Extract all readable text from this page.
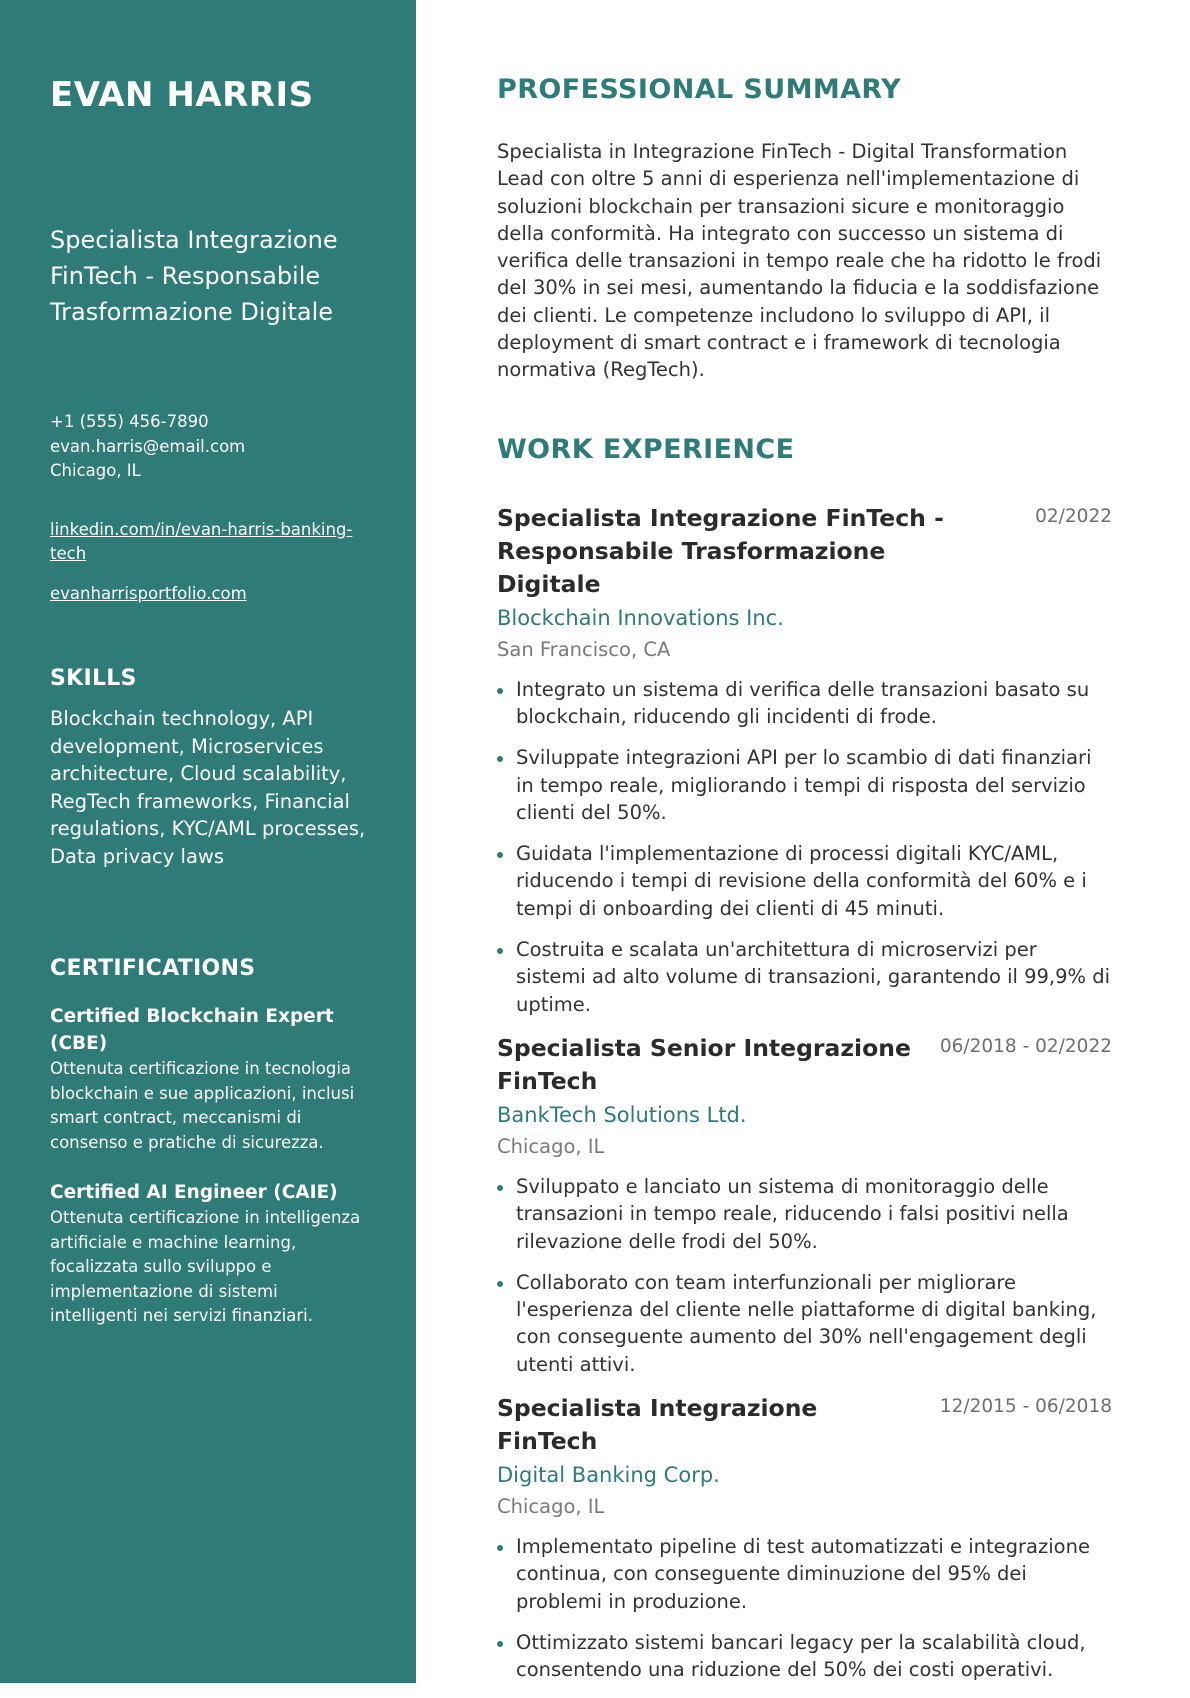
EVAN HARRIS
Specialista Integrazione FinTech - Responsabile Trasformazione Digitale
+1 (555) 456-7890
evan.harris@email.com
Chicago, IL
linkedin.com/in/evan-harris-banking-tech
evanharrisportfolio.com
SKILLS
Blockchain technology, API development, Microservices architecture, Cloud scalability, RegTech frameworks, Financial regulations, KYC/AML processes, Data privacy laws
CERTIFICATIONS
Certified Blockchain Expert (CBE)
Ottenuta certificazione in tecnologia blockchain e sue applicazioni, inclusi smart contract, meccanismi di consenso e pratiche di sicurezza.
Certified AI Engineer (CAIE)
Ottenuta certificazione in intelligenza artificiale e machine learning, focalizzata sullo sviluppo e implementazione di sistemi intelligenti nei servizi finanziari.
PROFESSIONAL SUMMARY
Specialista in Integrazione FinTech - Digital Transformation Lead con oltre 5 anni di esperienza nell'implementazione di soluzioni blockchain per transazioni sicure e monitoraggio della conformità. Ha integrato con successo un sistema di verifica delle transazioni in tempo reale che ha ridotto le frodi del 30% in sei mesi, aumentando la fiducia e la soddisfazione dei clienti. Le competenze includono lo sviluppo di API, il deployment di smart contract e i framework di tecnologia normativa (RegTech).
WORK EXPERIENCE
Specialista Integrazione FinTech - Responsabile Trasformazione Digitale
02/2022
Blockchain Innovations Inc.
San Francisco, CA
Integrato un sistema di verifica delle transazioni basato su blockchain, riducendo gli incidenti di frode.
Sviluppate integrazioni API per lo scambio di dati finanziari in tempo reale, migliorando i tempi di risposta del servizio clienti del 50%.
Guidata l'implementazione di processi digitali KYC/AML, riducendo i tempi di revisione della conformità del 60% e i tempi di onboarding dei clienti di 45 minuti.
Costruita e scalata un'architettura di microservizi per sistemi ad alto volume di transazioni, garantendo il 99,9% di uptime.
Specialista Senior Integrazione FinTech
06/2018 - 02/2022
BankTech Solutions Ltd.
Chicago, IL
Sviluppato e lanciato un sistema di monitoraggio delle transazioni in tempo reale, riducendo i falsi positivi nella rilevazione delle frodi del 50%.
Collaborato con team interfunzionali per migliorare l'esperienza del cliente nelle piattaforme di digital banking, con conseguente aumento del 30% nell'engagement degli utenti attivi.
Specialista Integrazione FinTech
12/2015 - 06/2018
Digital Banking Corp.
Chicago, IL
Implementato pipeline di test automatizzati e integrazione continua, con conseguente diminuzione del 95% dei problemi in produzione.
Ottimizzato sistemi bancari legacy per la scalabilità cloud, consentendo una riduzione del 50% dei costi operativi.
